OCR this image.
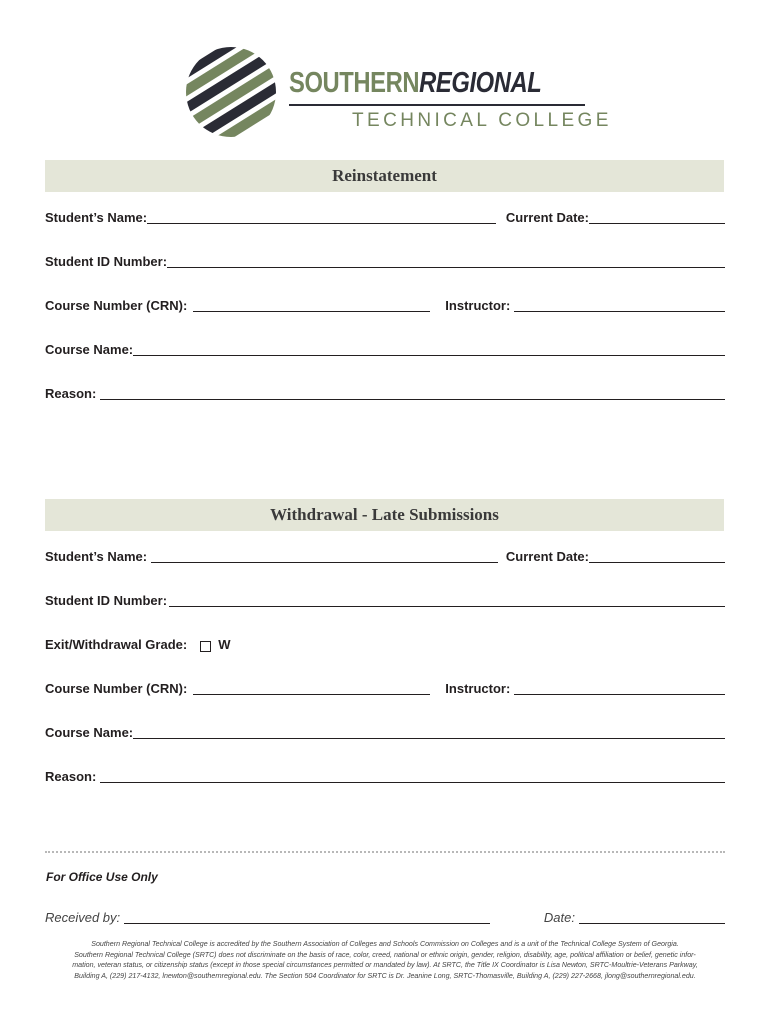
SOUTHERN REGIONAL
TECHNICAL COLLEGE
Reinstatement
Student’s Name:	Current Date:
Student ID Number:
Course Number (CRN):	Instructor:
Course Name:
Reason:
Withdrawal - Late Submissions
Student’s Name:	Current Date:
Student ID Number:
Exit/Withdrawal Grade: W
Course Number (CRN):	Instructor:
Course Name:
Reason:
For Office Use Only
Received by:	Date:
Southern Regional Technical College is accredited by the Southern Association of Colleges and Schools Commission on Colleges and is a unit of the Technical College System of Georgia.
Southern Regional Technical College (SRTC) does not discriminate on the basis of race, color, creed, national or ethnic origin, gender, religion, disability, age, political affiliation or belief, genetic infor-
mation, veteran status, or citizenship status (except in those special circumstances permitted or mandated by law). At SRTC, the Title IX Coordinator is Lisa Newton, SRTC-Moultrie-Veterans Parkway,
Building A, (229) 217-4132, lnewton@southernregional.edu. The Section 504 Coordinator for SRTC is Dr. Jeanine Long, SRTC-Thomasville, Building A, (229) 227-2668, jlong@southernregional.edu.
